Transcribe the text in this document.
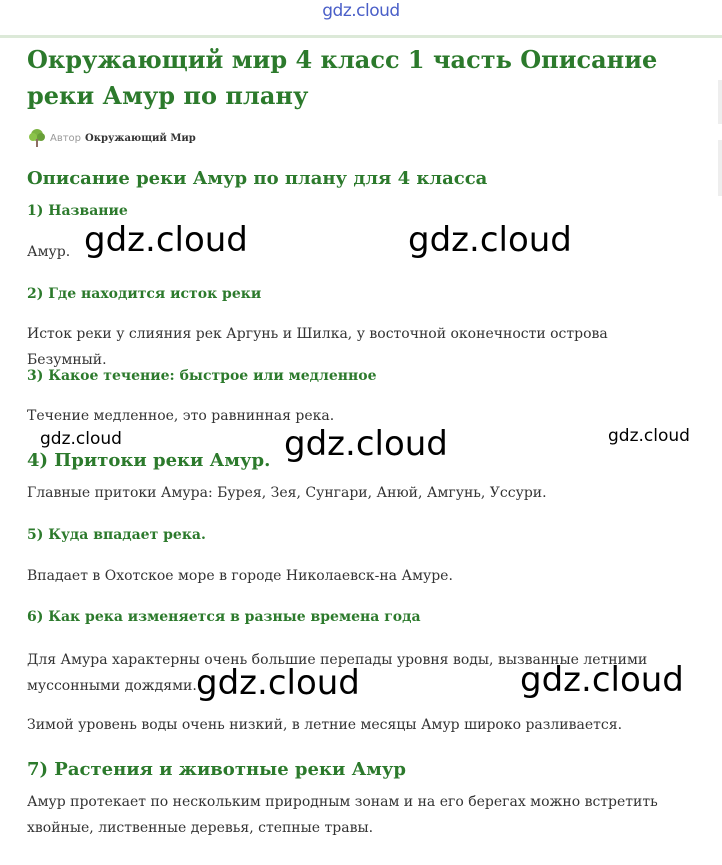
gdz.cloud
Окружающий мир 4 класс 1 часть Описание реки Амур по плану
Автор Окружающий Мир
Описание реки Амур по плану для 4 класса
1) Название

Амур.

2) Где находится исток реки

Исток реки у слияния рек Аргунь и Шилка, у восточной оконечности острова Безумный.

3) Какое течение: быстрое или медленное

Течение медленное, это равнинная река.

4) Притоки реки Амур.

Главные притоки Амура: Бурея, Зея, Сунгари, Анюй, Амгунь, Уссури.

5) Куда впадает река.

Впадает в Охотское море в городе Николаевск-на Амуре.

6) Как река изменяется в разные времена года

Для Амура характерны очень большие перепады уровня воды, вызванные летними муссонными дождями.

Зимой уровень воды очень низкий, в летние месяцы Амур широко разливается.

7) Растения и животные реки Амур

Амур протекает по нескольким природным зонам и на его берегах можно встретить хвойные, лиственные деревья, степные травы.

gdz.cloud	gdz.cloud
gdz.cloud	gdz.cloud	gdz.cloud
gdz.cloud	gdz.cloud
